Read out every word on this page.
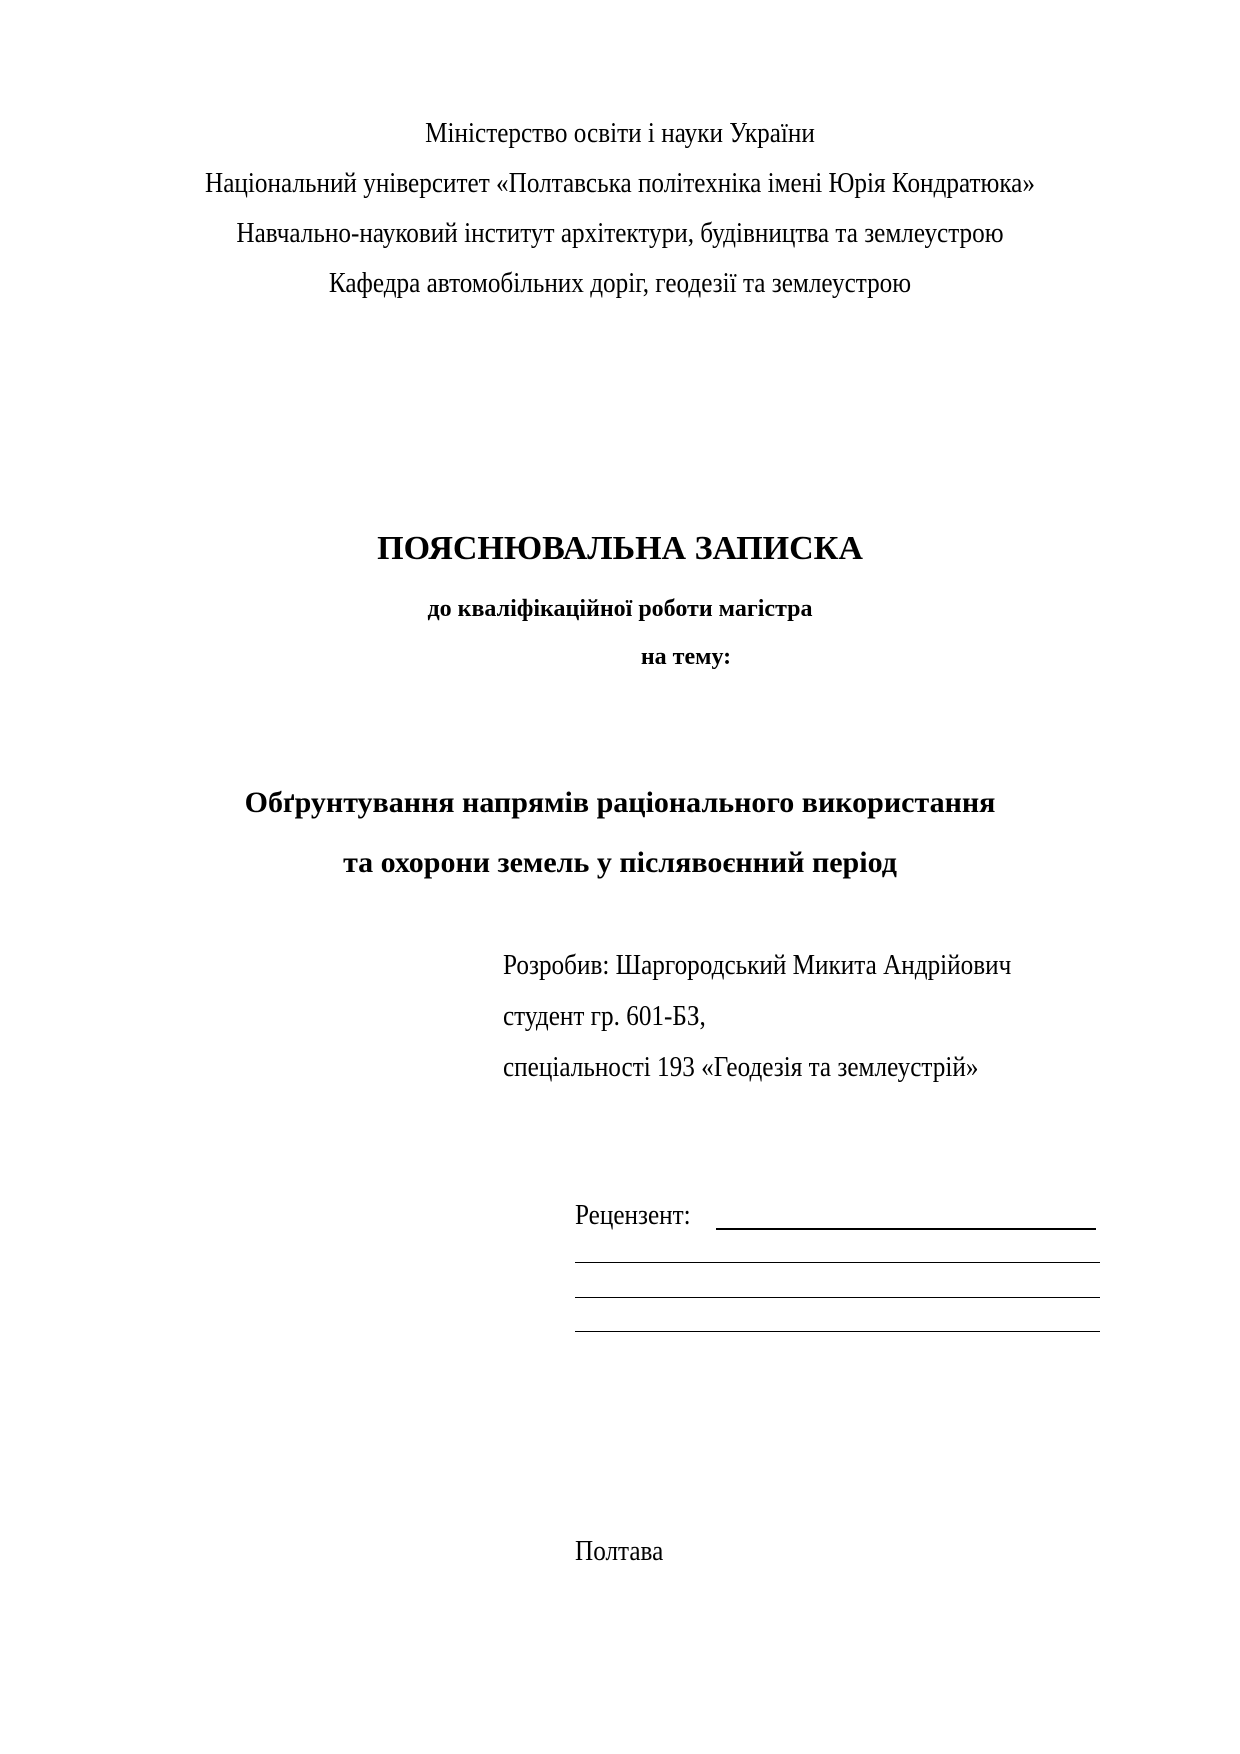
Міністерство освіти і науки України
Національний університет «Полтавська політехніка імені Юрія Кондратюка»
Навчально-науковий інститут архітектури, будівництва та землеустрою
Кафедра автомобільних доріг, геодезії та землеустрою
ПОЯСНЮВАЛЬНА ЗАПИСКА
до кваліфікаційної роботи магістра
на тему:
Обґрунтування напрямів раціонального використання
та охорони земель у післявоєнний період
Розробив: Шаргородський Микита Андрійович
студент гр. 601-БЗ,
спеціальності 193 «Геодезія та землеустрій»
Рецензент:
Полтава
